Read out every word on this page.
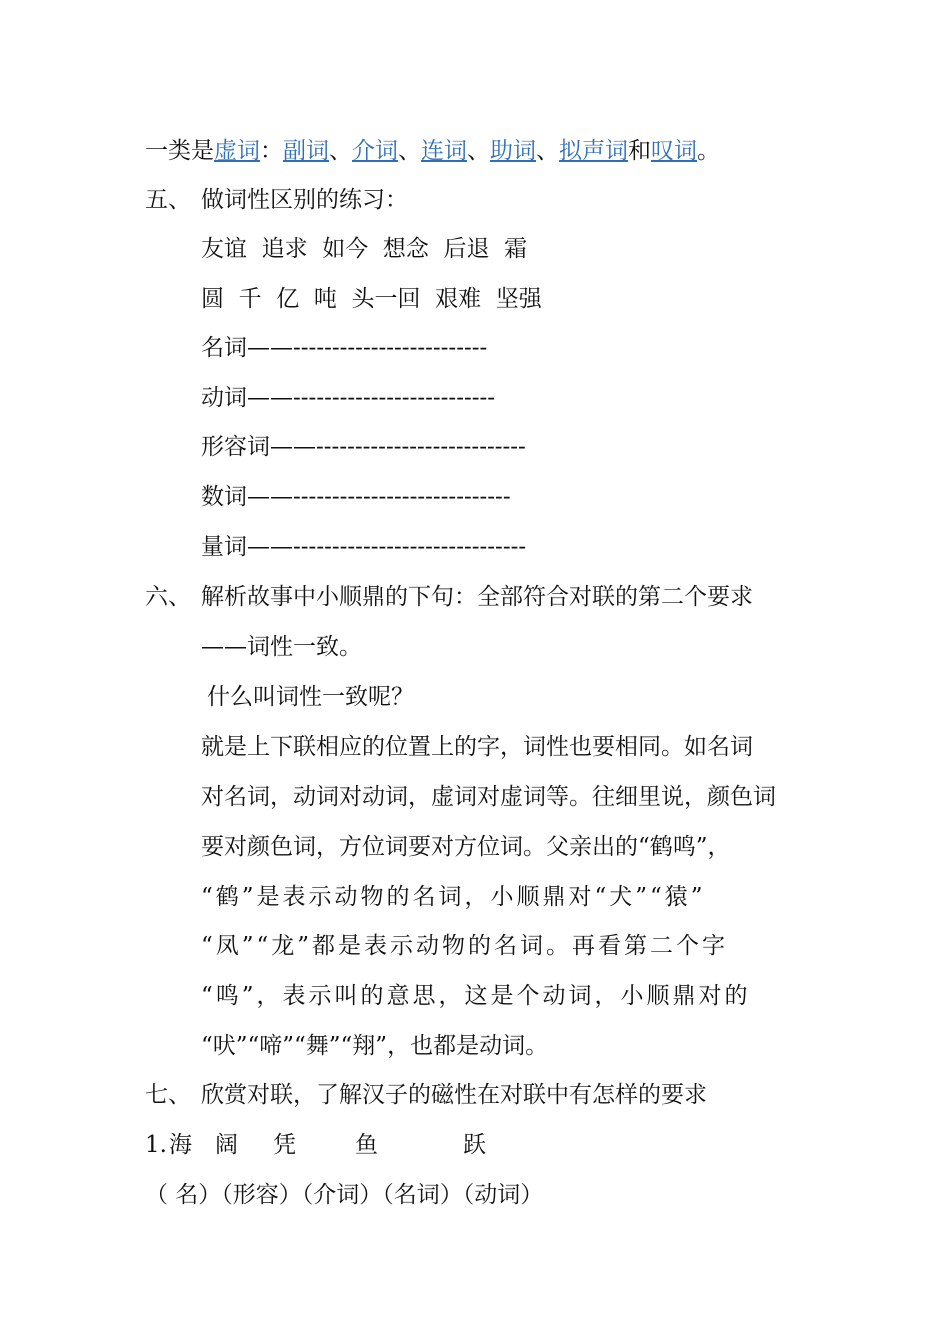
一类是虚词：副词、介词、连词、助词、拟声词和叹词。
五、 做词性区别的练习：
友谊  追求  如今  想念  后退  霜
圆  千  亿  吨  头一回  艰难  坚强
名词——-------------------------
动词——--------------------------
形容词——---------------------------
数词——----------------------------
量词——------------------------------
六、 解析故事中小顺鼎的下句：全部符合对联的第二个要求
——词性一致。
什么叫词性一致呢？
就是上下联相应的位置上的字，词性也要相同。如名词
对名词，动词对动词，虚词对虚词等。往细里说，颜色词
要对颜色词，方位词要对方位词。父亲出的“鹤鸣”，
“鹤”是表示动物的名词，小顺鼎对“犬”“猿”
“凤”“龙”都是表示动物的名词。再看第二个字
“鸣”，表示叫的意思，这是个动词，小顺鼎对的
“吠”“啼”“舞”“翔”，也都是动词。
七、 欣赏对联，了解汉子的磁性在对联中有怎样的要求
1. 海 阔 凭	鱼	跃
（ 名）（形容）（介词）（名词）（动词）
